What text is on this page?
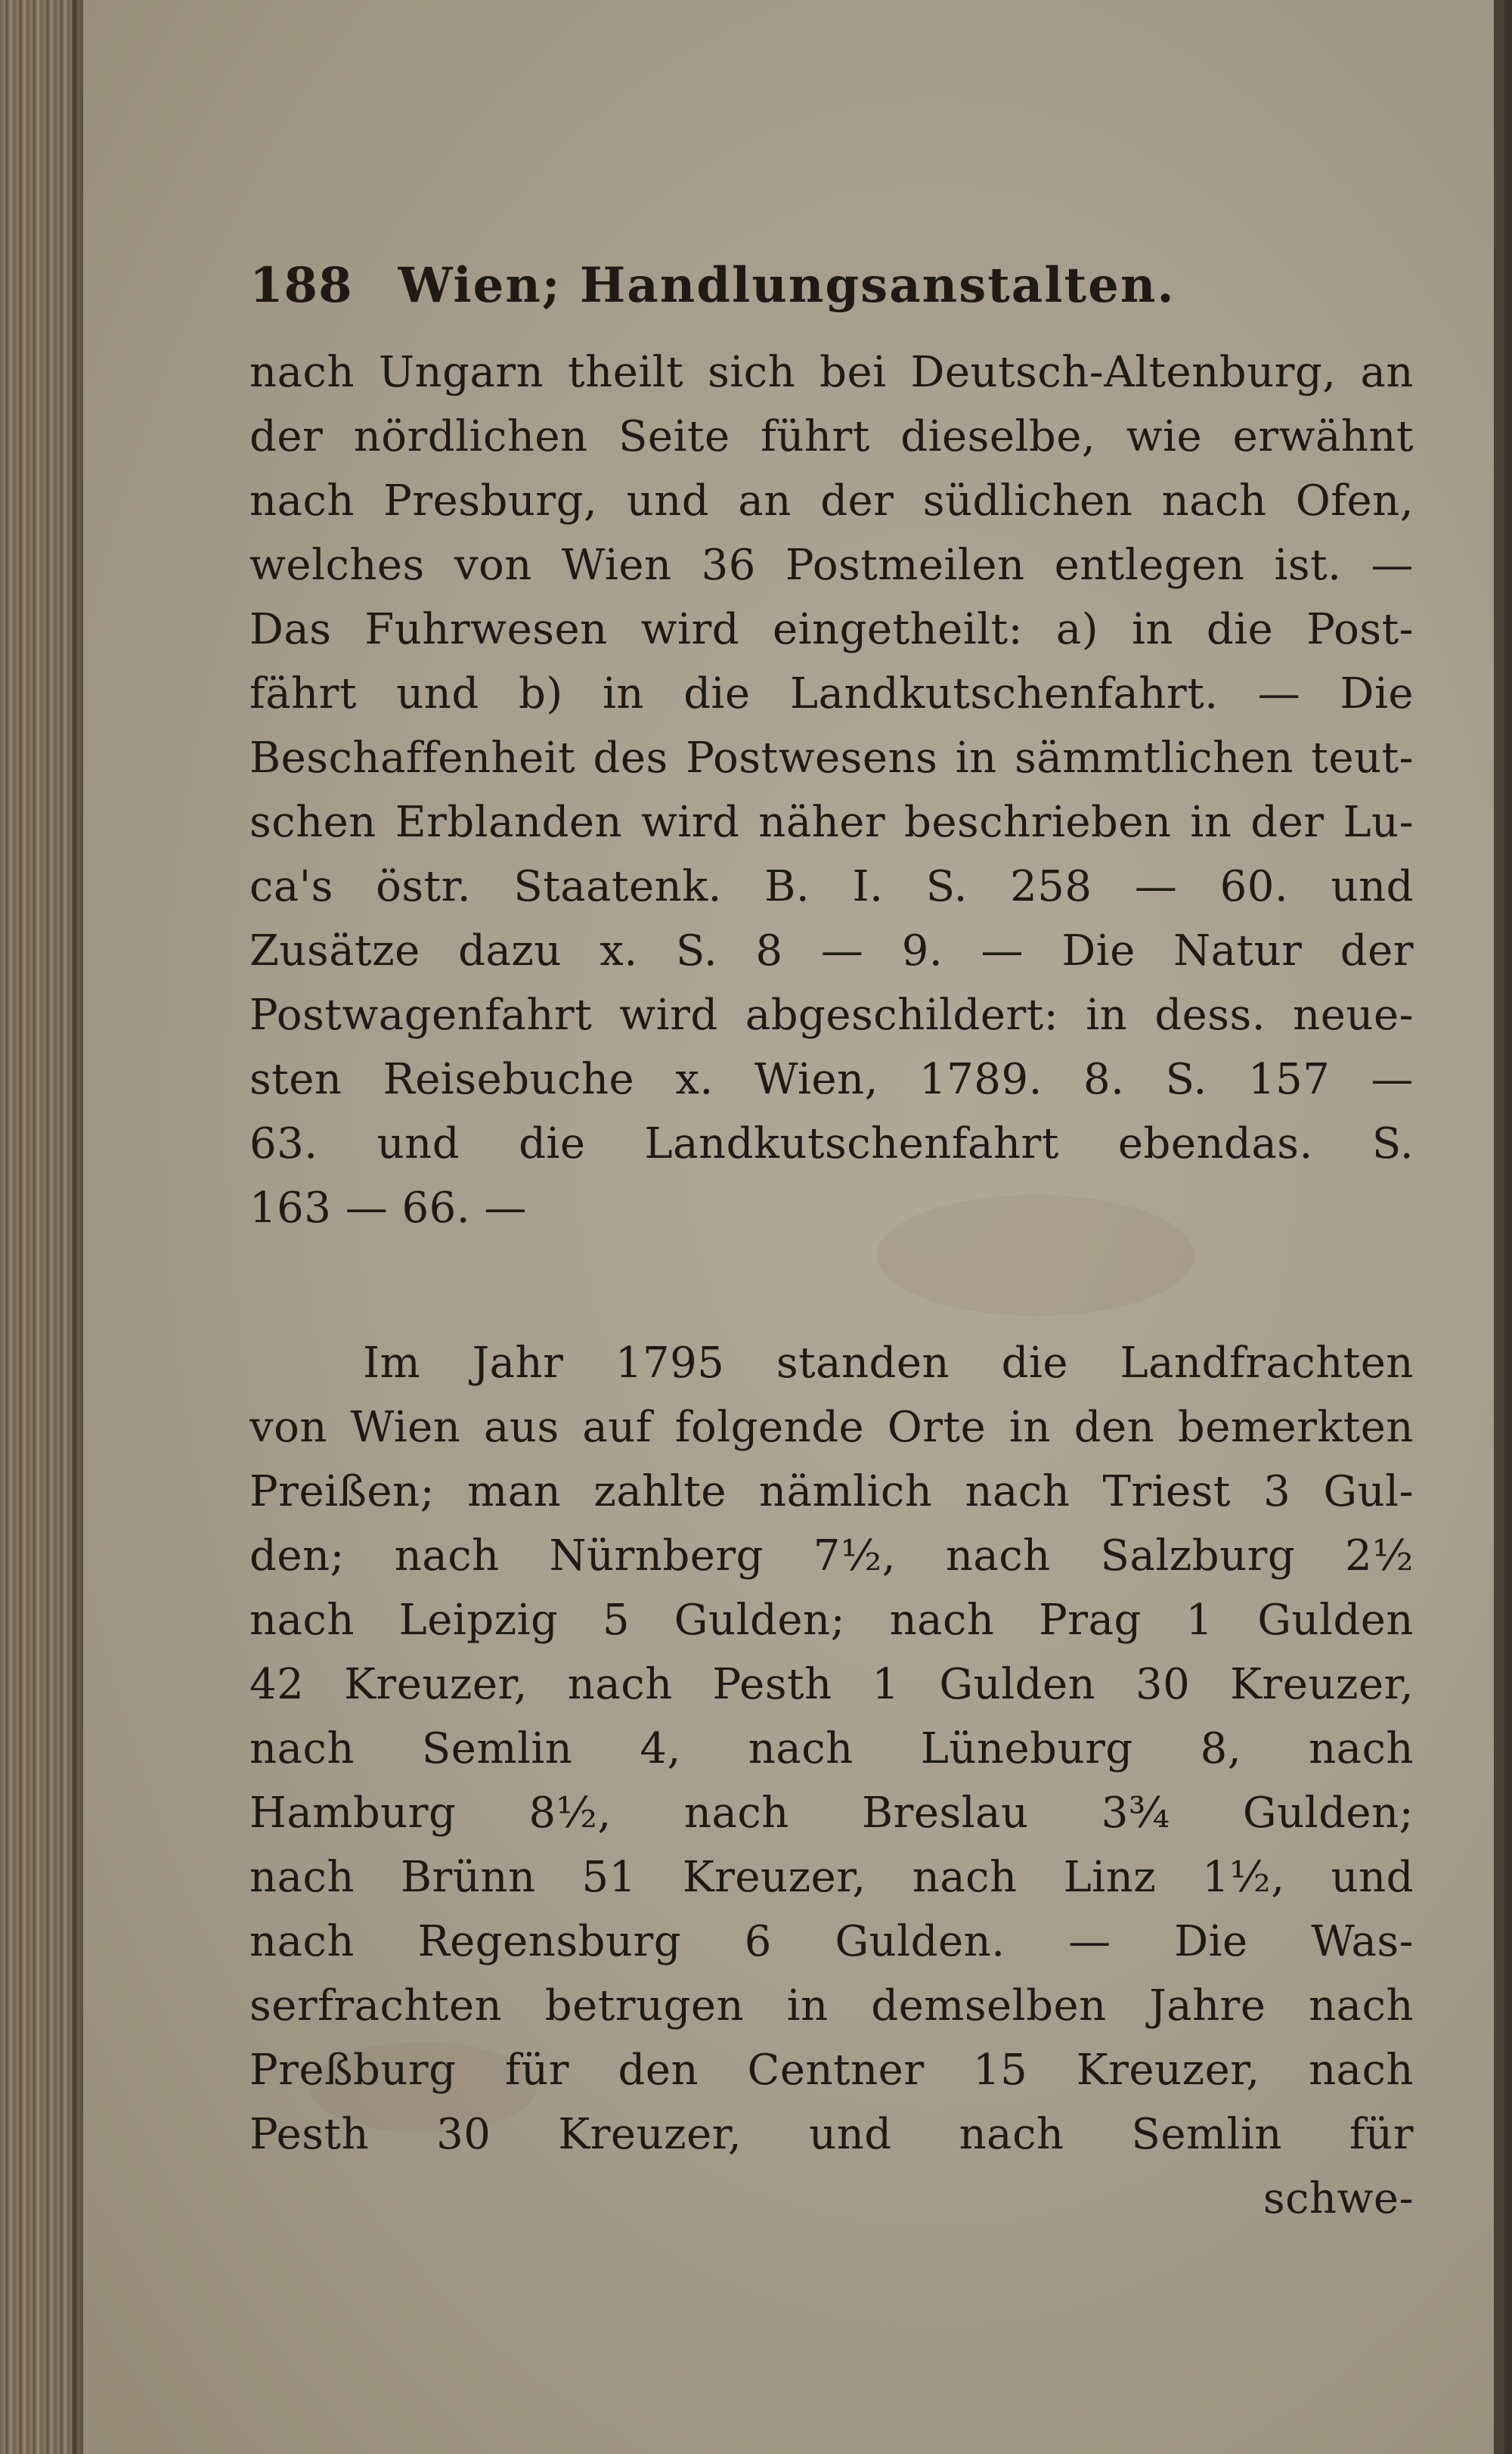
188 Wien; Handlungsanstalten.
nach Ungarn theilt sich bei Deutsch-Altenburg, an
der nördlichen Seite führt dieselbe, wie erwähnt
nach Presburg, und an der südlichen nach Ofen,
welches von Wien 36 Postmeilen entlegen ist. —
Das Fuhrwesen wird eingetheilt: a) in die Post-
fährt und b) in die Landkutschenfahrt. — Die
Beschaffenheit des Postwesens in sämmtlichen teut-
schen Erblanden wird näher beschrieben in der Lu-
ca's östr. Staatenk. B. I. S. 258 — 60. und
Zusätze dazu x. S. 8 — 9. — Die Natur der
Postwagenfahrt wird abgeschildert: in dess. neue-
sten Reisebuche x. Wien, 1789. 8. S. 157 —
63. und die Landkutschenfahrt ebendas. S.
163 — 66. —
Im Jahr 1795 standen die Landfrachten
von Wien aus auf folgende Orte in den bemerkten
Preißen; man zahlte nämlich nach Triest 3 Gul-
den; nach Nürnberg 7½, nach Salzburg 2½
nach Leipzig 5 Gulden; nach Prag 1 Gulden
42 Kreuzer, nach Pesth 1 Gulden 30 Kreuzer,
nach Semlin 4, nach Lüneburg 8, nach
Hamburg 8½, nach Breslau 3¾ Gulden;
nach Brünn 51 Kreuzer, nach Linz 1½, und
nach Regensburg 6 Gulden. — Die Was-
serfrachten betrugen in demselben Jahre nach
Preßburg für den Centner 15 Kreuzer, nach
Pesth 30 Kreuzer, und nach Semlin für
schwe-
